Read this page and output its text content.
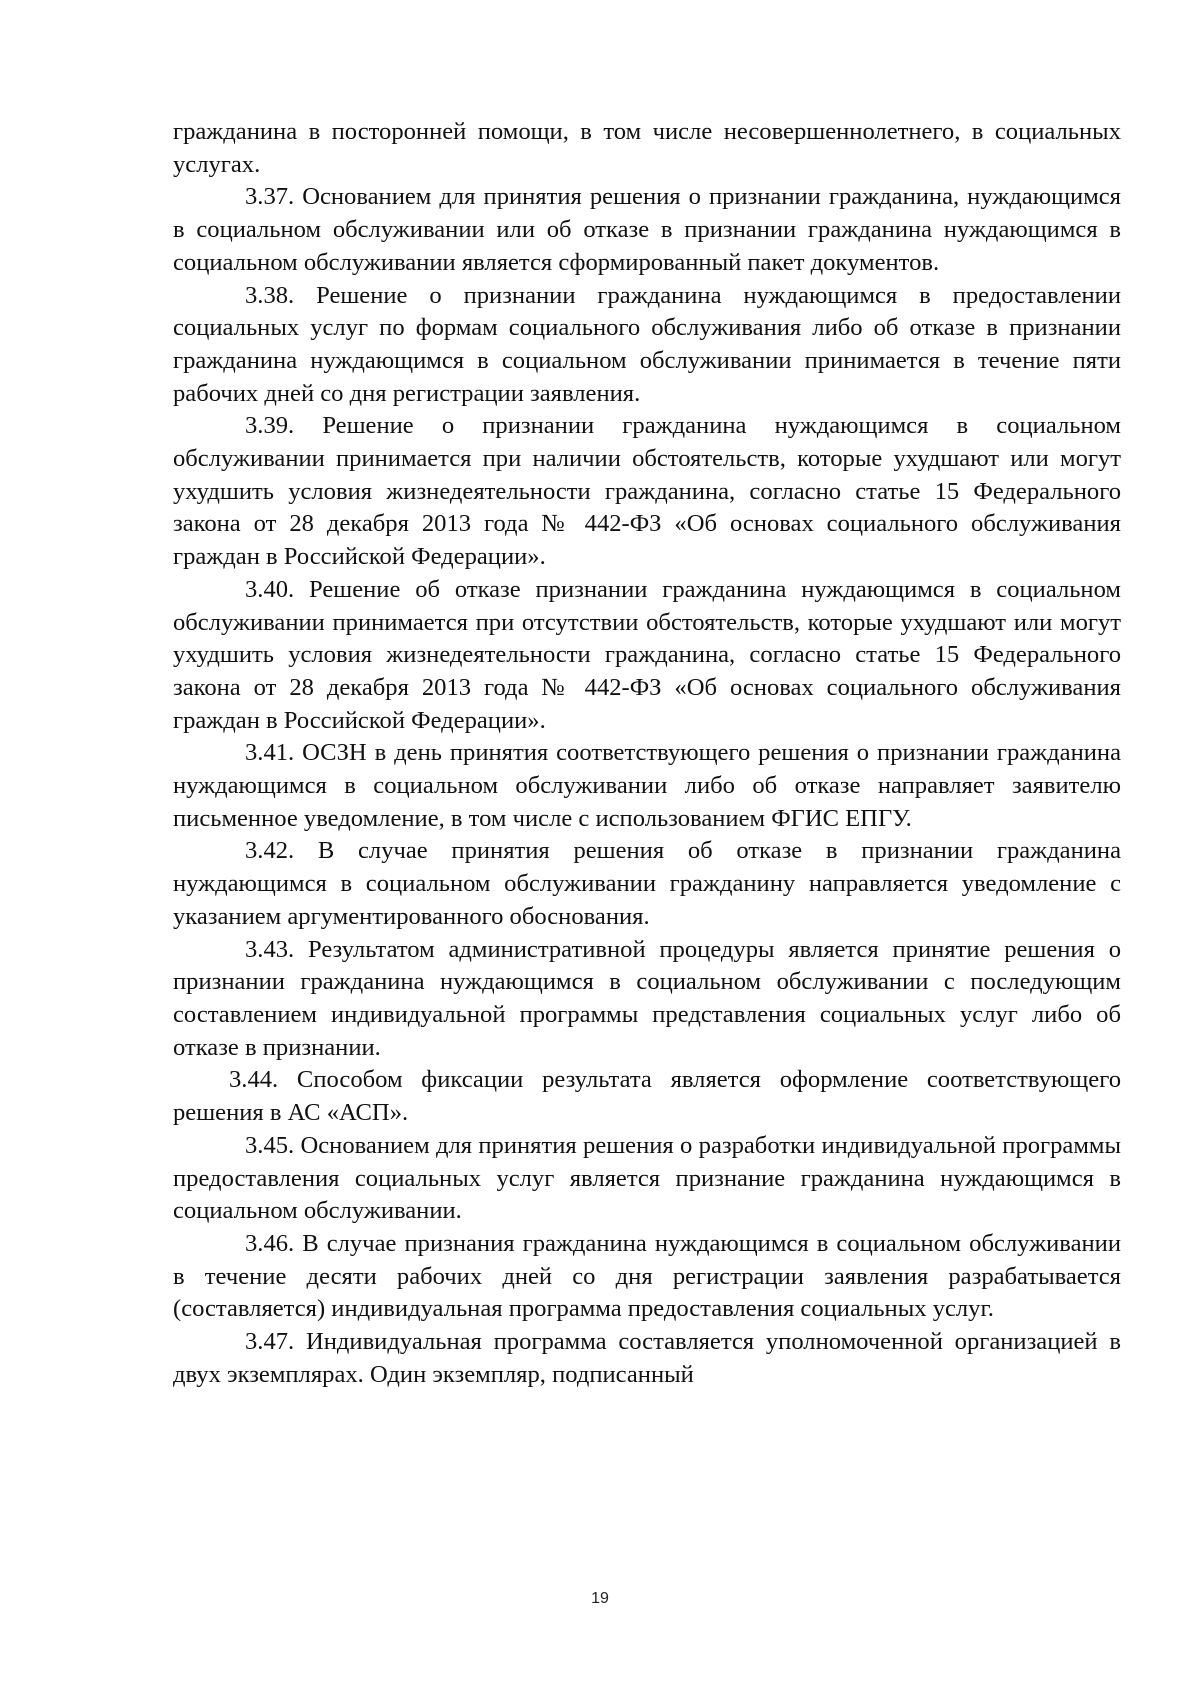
гражданина в посторонней помощи, в том числе несовершеннолетнего, в социальных услугах.

3.37. Основанием для принятия решения о признании гражданина, нуждающимся в социальном обслуживании или об отказе в признании гражданина нуждающимся в социальном обслуживании является сформированный пакет документов.

3.38. Решение о признании гражданина нуждающимся в предоставлении социальных услуг по формам социального обслуживания либо об отказе в признании гражданина нуждающимся в социальном обслуживании принимается в течение пяти рабочих дней со дня регистрации заявления.

3.39. Решение о признании гражданина нуждающимся в социальном обслуживании принимается при наличии обстоятельств, которые ухудшают или могут ухудшить условия жизнедеятельности гражданина, согласно статье 15 Федерального закона от 28 декабря 2013 года № 442-ФЗ «Об основах социального обслуживания граждан в Российской Федерации».

3.40. Решение об отказе признании гражданина нуждающимся в социальном обслуживании принимается при отсутствии обстоятельств, которые ухудшают или могут ухудшить условия жизнедеятельности гражданина, согласно статье 15 Федерального закона от 28 декабря 2013 года № 442-ФЗ «Об основах социального обслуживания граждан в Российской Федерации».

3.41. ОСЗН в день принятия соответствующего решения о признании гражданина нуждающимся в социальном обслуживании либо об отказе направляет заявителю письменное уведомление, в том числе с использованием ФГИС ЕПГУ.

3.42. В случае принятия решения об отказе в признании гражданина нуждающимся в социальном обслуживании гражданину направляется уведомление с указанием аргументированного обоснования.

3.43. Результатом административной процедуры является принятие решения о признании гражданина нуждающимся в социальном обслуживании с последующим составлением индивидуальной программы представления социальных услуг либо об отказе в признании.

3.44. Способом фиксации результата является оформление соответствующего решения в АС «АСП».

3.45. Основанием для принятия решения о разработки индивидуальной программы предоставления социальных услуг является признание гражданина нуждающимся в социальном обслуживании.

3.46. В случае признания гражданина нуждающимся в социальном обслуживании в течение десяти рабочих дней со дня регистрации заявления разрабатывается (составляется) индивидуальная программа предоставления социальных услуг.

3.47. Индивидуальная программа составляется уполномоченной организацией в двух экземплярах. Один экземпляр, подписанный

19
